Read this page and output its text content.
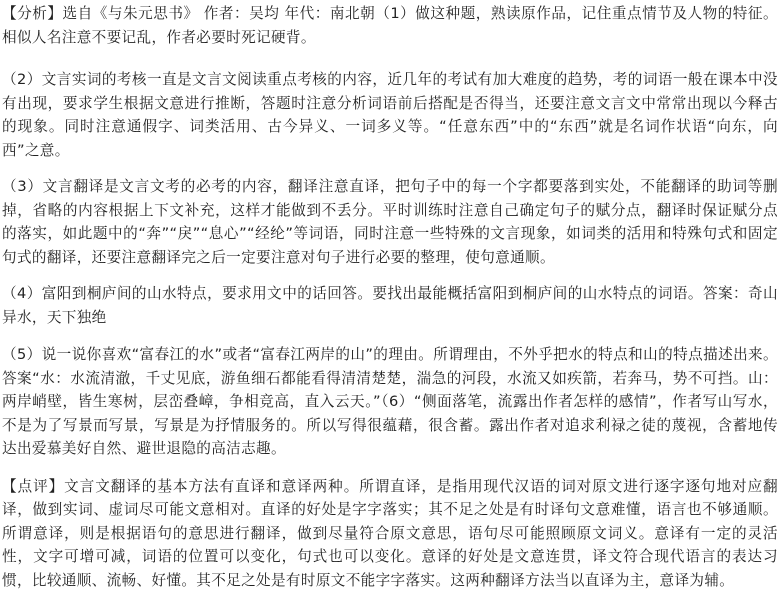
【分析】选自《与朱元思书》 作者：吴均 年代：南北朝（1）做这种题，熟读原作品，记住重点情节及人物的特征。相似人名注意不要记乱，作者必要时死记硬背。

（2）文言实词的考核一直是文言文阅读重点考核的内容，近几年的考试有加大难度的趋势，考的词语一般在课本中没有出现，要求学生根据文意进行推断，答题时注意分析词语前后搭配是否得当，还要注意文言文中常常出现以今释古的现象。同时注意通假字、词类活用、古今异义、一词多义等。“任意东西”中的“东西”就是名词作状语“向东，向西”之意。

（3）文言翻译是文言文考的必考的内容，翻译注意直译，把句子中的每一个字都要落到实处，不能翻译的助词等删掉，省略的内容根据上下文补充，这样才能做到不丢分。平时训练时注意自己确定句子的赋分点，翻译时保证赋分点的落实，如此题中的“奔”“戾”“息心”“经纶”等词语，同时注意一些特殊的文言现象，如词类的活用和特殊句式和固定句式的翻译，还要注意翻译完之后一定要注意对句子进行必要的整理，使句意通顺。

（4）富阳到桐庐间的山水特点，要求用文中的话回答。要找出最能概括富阳到桐庐间的山水特点的词语。答案：奇山异水，天下独绝

（5）说一说你喜欢“富春江的水”或者“富春江两岸的山”的理由。所谓理由，不外乎把水的特点和山的特点描述出来。答案“水：水流清澈，千丈见底，游鱼细石都能看得清清楚楚，湍急的河段，水流又如疾箭，若奔马，势不可挡。山：两岸峭壁，皆生寒树，层峦叠嶂，争相竞高，直入云天。”（6）“侧面落笔，流露出作者怎样的感情”，作者写山写水，不是为了写景而写景，写景是为抒情服务的。所以写得很蕴藉，很含蓄。露出作者对追求利禄之徒的蔑视，含蓄地传达出爱慕美好自然、避世退隐的高洁志趣。

【点评】文言文翻译的基本方法有直译和意译两种。所谓直译，是指用现代汉语的词对原文进行逐字逐句地对应翻译，做到实词、虚词尽可能文意相对。直译的好处是字字落实；其不足之处是有时译句文意难懂，语言也不够通顺。所谓意译，则是根据语句的意思进行翻译，做到尽量符合原文意思，语句尽可能照顾原文词义。意译有一定的灵活性，文字可增可减，词语的位置可以变化，句式也可以变化。意译的好处是文意连贯，译文符合现代语言的表达习惯，比较通顺、流畅、好懂。其不足之处是有时原文不能字字落实。这两种翻译方法当以直译为主，意译为辅。
